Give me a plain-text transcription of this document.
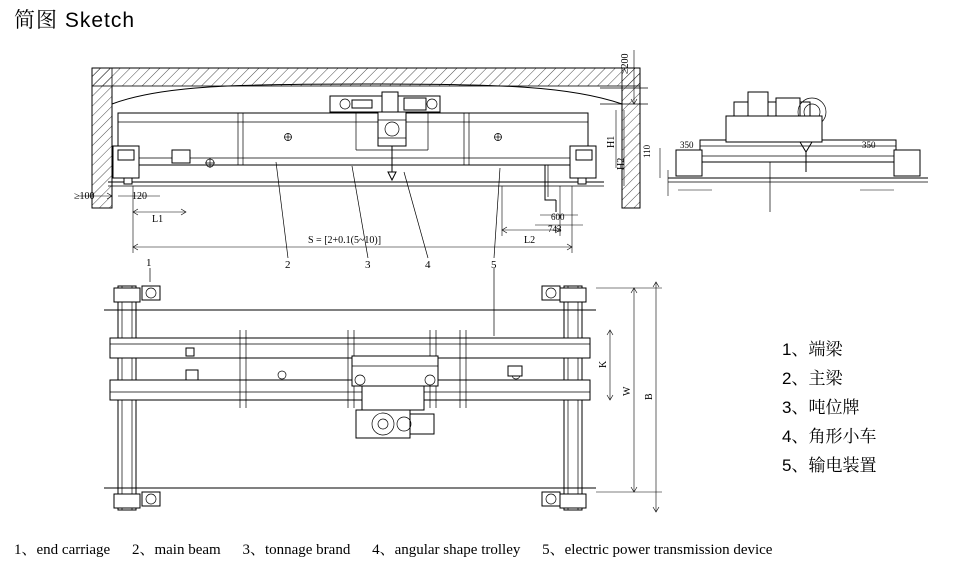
简图 Sketch
≥200
≥100	120
L1
L2
H1
H2
600
743
S = [2+0.1(5~10)]
350	350
110
K
W
B
2	3	4	5
1
1、端梁
2、主梁
3、吨位牌
4、角形小车
5、输电装置
1、end carriage 2、main beam 3、tonnage brand 4、angular shape trolley 5、electric power transmission device
